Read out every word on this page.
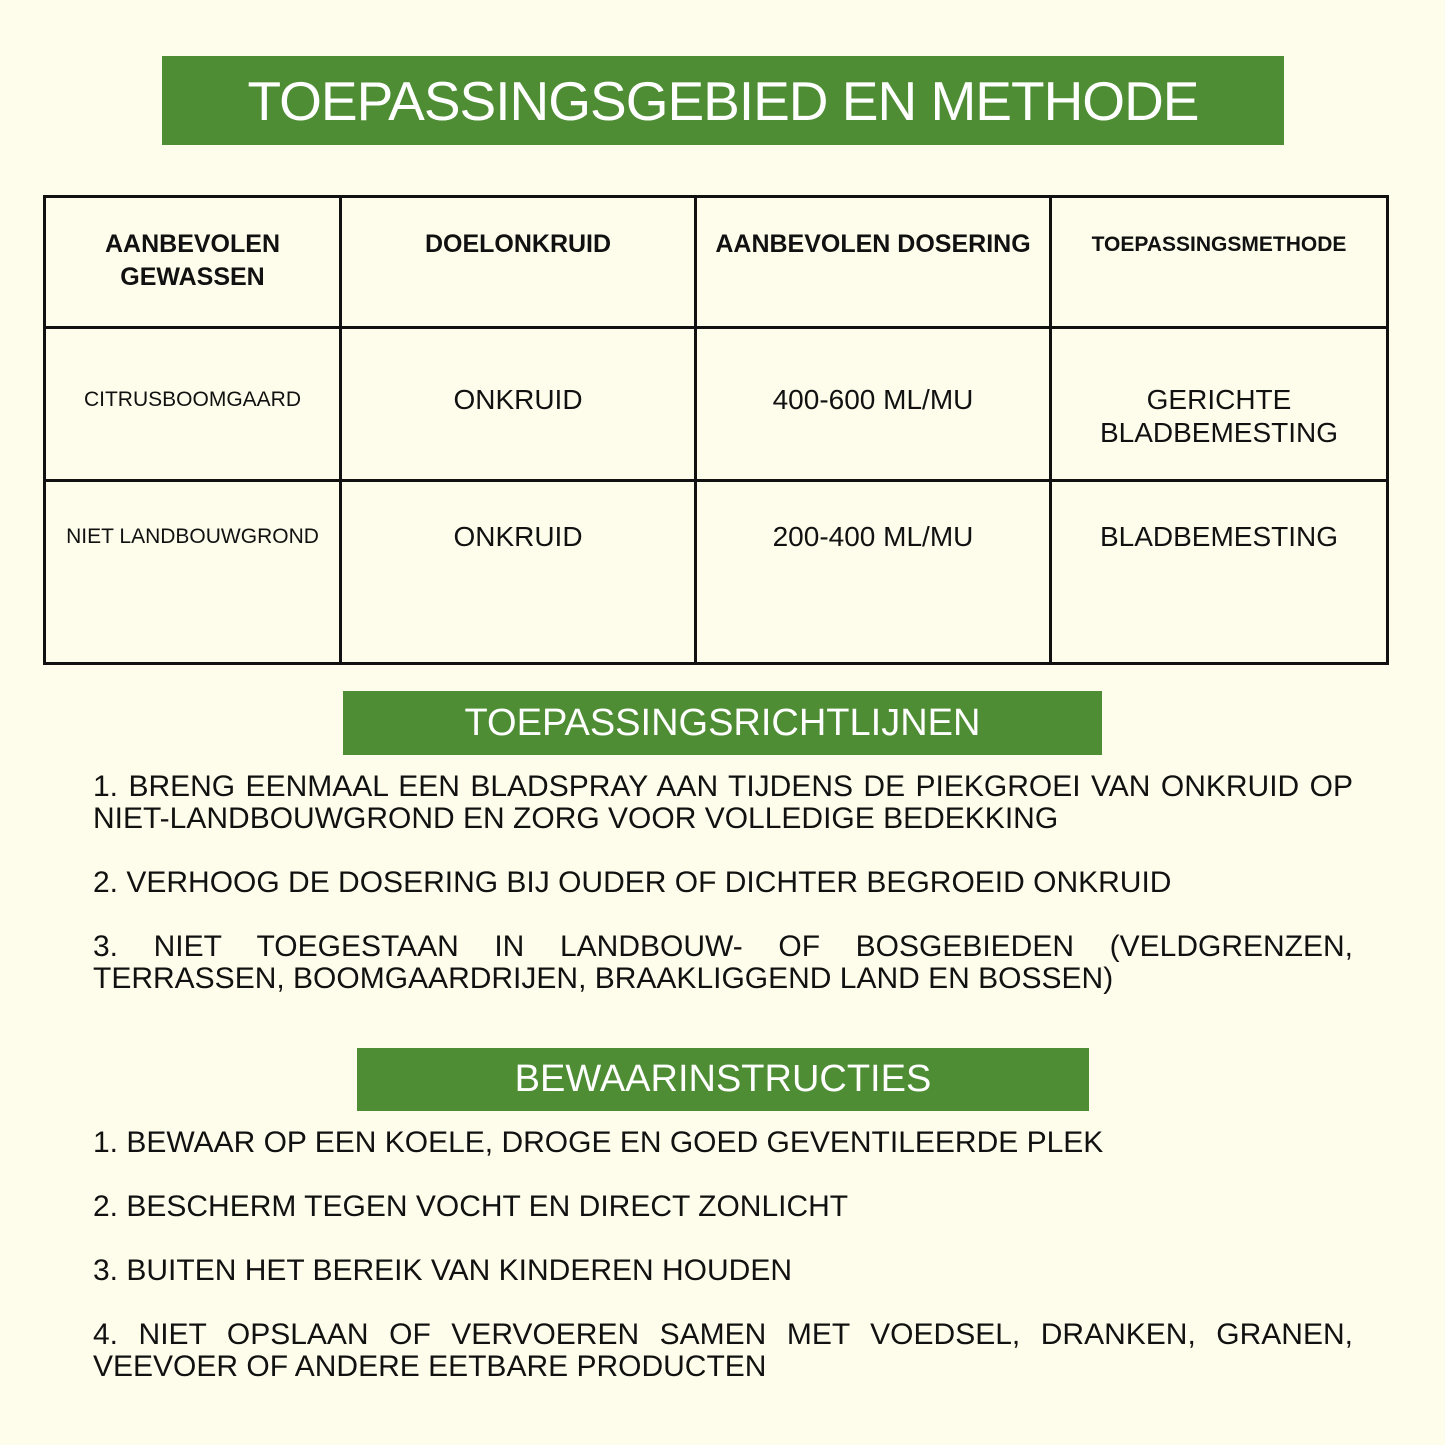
TOEPASSINGSGEBIED EN METHODE
AANBEVOLEN GEWASSEN	DOELONKRUID	AANBEVOLEN DOSERING	TOEPASSINGSMETHODE
CITRUSBOOMGAARD	ONKRUID	400-600 ML/MU	GERICHTE BLADBEMESTING
NIET LANDBOUWGROND	ONKRUID	200-400 ML/MU	BLADBEMESTING
TOEPASSINGSRICHTLIJNEN
1. BRENG EENMAAL EEN BLADSPRAY AAN TIJDENS DE PIEKGROEI VAN ONKRUID OP NIET-LANDBOUWGROND EN ZORG VOOR VOLLEDIGE BEDEKKING
2. VERHOOG DE DOSERING BIJ OUDER OF DICHTER BEGROEID ONKRUID
3. NIET TOEGESTAAN IN LANDBOUW- OF BOSGEBIEDEN (VELDGRENZEN, TERRASSEN, BOOMGAARDRIJEN, BRAAKLIGGEND LAND EN BOSSEN)
BEWAARINSTRUCTIES
1. BEWAAR OP EEN KOELE, DROGE EN GOED GEVENTILEERDE PLEK
2. BESCHERM TEGEN VOCHT EN DIRECT ZONLICHT
3. BUITEN HET BEREIK VAN KINDEREN HOUDEN
4. NIET OPSLAAN OF VERVOEREN SAMEN MET VOEDSEL, DRANKEN, GRANEN, VEEVOER OF ANDERE EETBARE PRODUCTEN
